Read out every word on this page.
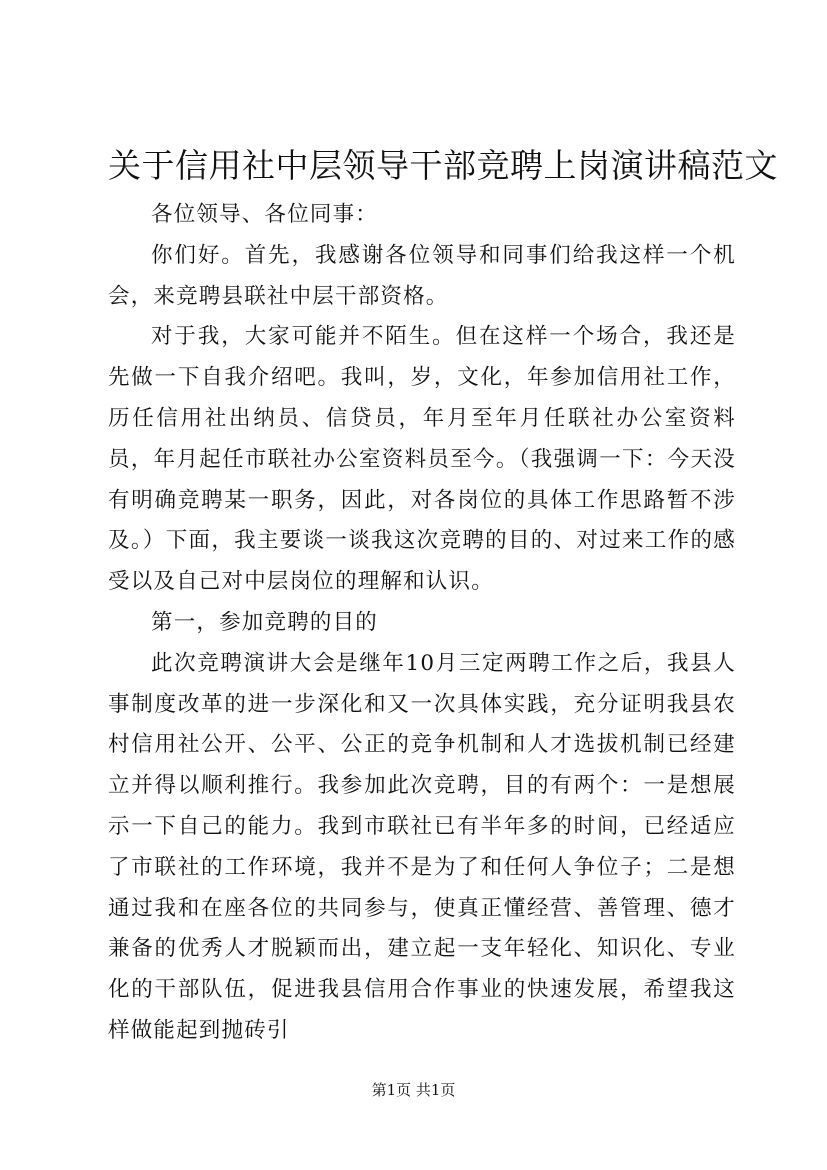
关于信用社中层领导干部竞聘上岗演讲稿范文

各位领导、各位同事：

你们好。首先，我感谢各位领导和同事们给我这样一个机会，来竞聘县联社中层干部资格。

对于我，大家可能并不陌生。但在这样一个场合，我还是先做一下自我介绍吧。我叫，岁，文化，年参加信用社工作，历任信用社出纳员、信贷员，年月至年月任联社办公室资料员，年月起任市联社办公室资料员至今。（我强调一下：今天没有明确竞聘某一职务，因此，对各岗位的具体工作思路暂不涉及。）下面，我主要谈一谈我这次竞聘的目的、对过来工作的感受以及自己对中层岗位的理解和认识。

第一，参加竞聘的目的

此次竞聘演讲大会是继年10月三定两聘工作之后，我县人事制度改革的进一步深化和又一次具体实践，充分证明我县农村信用社公开、公平、公正的竞争机制和人才选拔机制已经建立并得以顺利推行。我参加此次竞聘，目的有两个：一是想展示一下自己的能力。我到市联社已有半年多的时间，已经适应了市联社的工作环境，我并不是为了和任何人争位子；二是想通过我和在座各位的共同参与，使真正懂经营、善管理、德才兼备的优秀人才脱颖而出，建立起一支年轻化、知识化、专业化的干部队伍，促进我县信用合作事业的快速发展，希望我这样做能起到抛砖引

第1页 共1页
